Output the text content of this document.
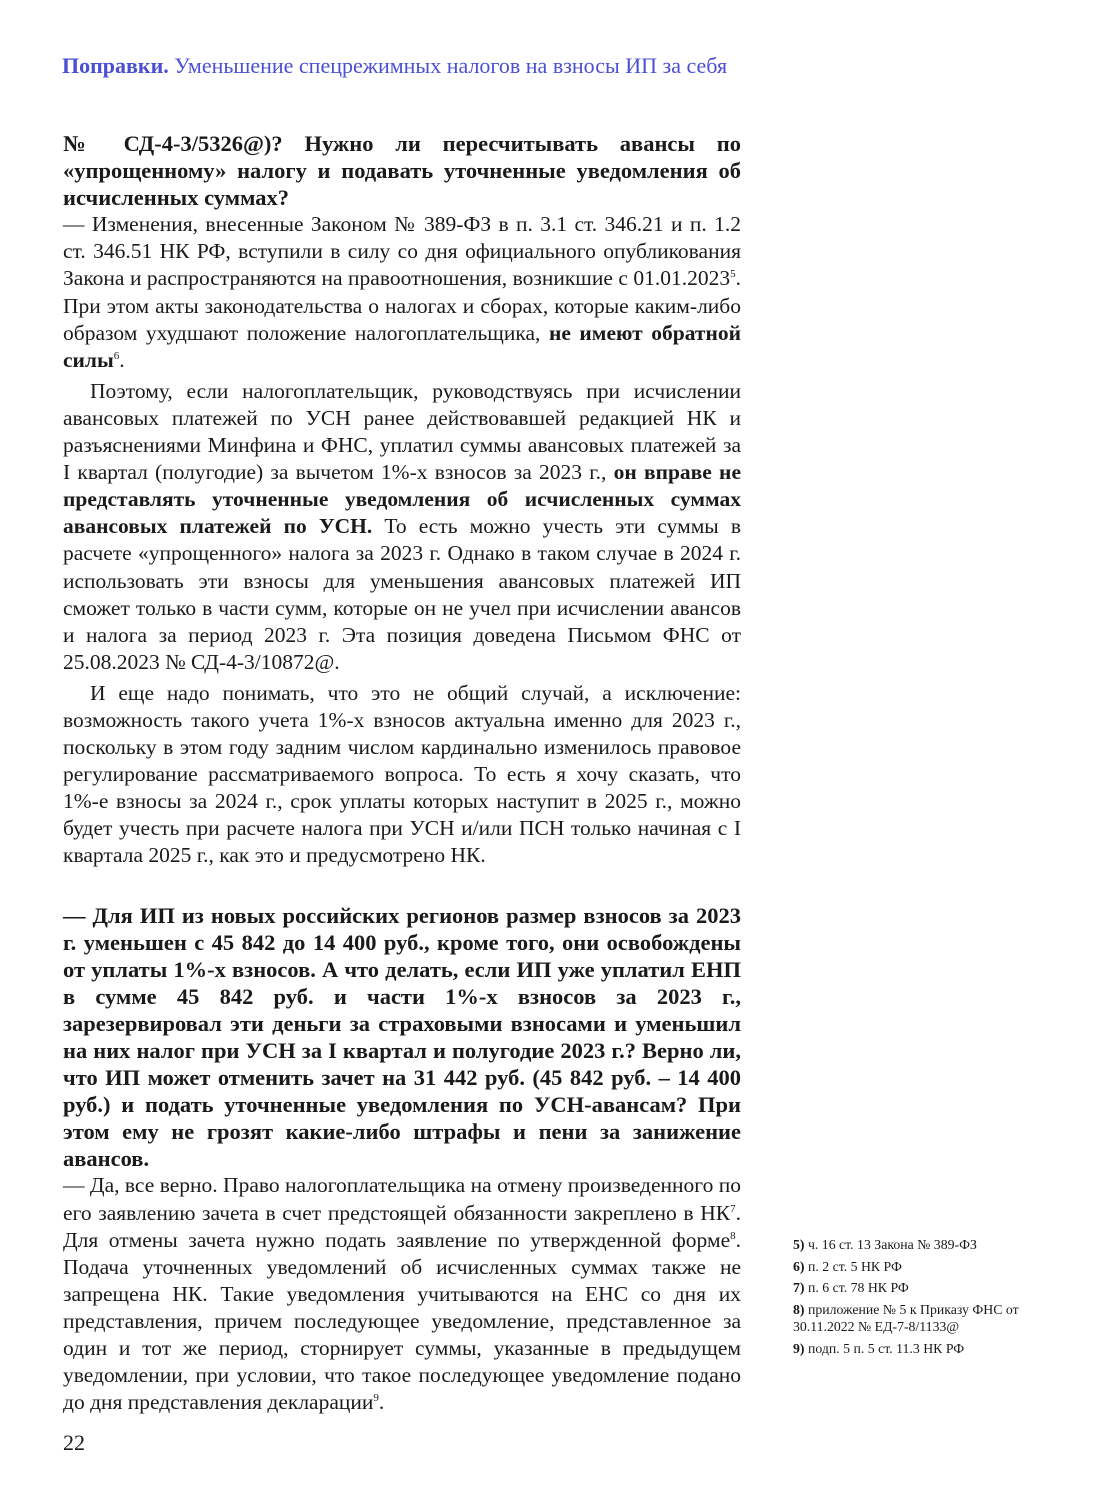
Поправки. Уменьшение спецрежимных налогов на взносы ИП за себя

№ СД-4-3/5326@)? Нужно ли пересчитывать авансы по «упрощенному» налогу и подавать уточненные уведомления об исчисленных суммах?

— Изменения, внесенные Законом № 389-ФЗ в п. 3.1 ст. 346.21 и п. 1.2 ст. 346.51 НК РФ, вступили в силу со дня официального опубликования Закона и распространяются на правоотношения, возникшие с 01.01.2023$^5$. При этом акты законодательства о налогах и сборах, которые каким-либо образом ухудшают положение налогоплательщика, не имеют обратной силы$^6$.

Поэтому, если налогоплательщик, руководствуясь при исчислении авансовых платежей по УСН ранее действовавшей редакцией НК и разъяснениями Минфина и ФНС, уплатил суммы авансовых платежей за I квартал (полугодие) за вычетом 1%-х взносов за 2023 г., он вправе не представлять уточненные уведомления об исчисленных суммах авансовых платежей по УСН. То есть можно учесть эти суммы в расчете «упрощенного» налога за 2023 г. Однако в таком случае в 2024 г. использовать эти взносы для уменьшения авансовых платежей ИП сможет только в части сумм, которые он не учел при исчислении авансов и налога за период 2023 г. Эта позиция доведена Письмом ФНС от 25.08.2023 № СД-4-3/10872@.

И еще надо понимать, что это не общий случай, а исключение: возможность такого учета 1%-х взносов актуальна именно для 2023 г., поскольку в этом году задним числом кардинально изменилось правовое регулирование рассматриваемого вопроса. То есть я хочу сказать, что 1%-е взносы за 2024 г., срок уплаты которых наступит в 2025 г., можно будет учесть при расчете налога при УСН и/или ПСН только начиная с I квартала 2025 г., как это и предусмотрено НК.

— Для ИП из новых российских регионов размер взносов за 2023 г. уменьшен с 45 842 до 14 400 руб., кроме того, они освобождены от уплаты 1%-х взносов. А что делать, если ИП уже уплатил ЕНП в сумме 45 842 руб. и части 1%-х взносов за 2023 г., зарезервировал эти деньги за страховыми взносами и уменьшил на них налог при УСН за I квартал и полугодие 2023 г.? Верно ли, что ИП может отменить зачет на 31 442 руб. (45 842 руб. – 14 400 руб.) и подать уточненные уведомления по УСН-авансам? При этом ему не грозят какие-либо штрафы и пени за занижение авансов.

— Да, все верно. Право налогоплательщика на отмену произведенного по его заявлению зачета в счет предстоящей обязанности закреплено в $НК^7$. Для отмены зачета нужно подать заявление по утвержденной форме$^8$. Подача уточненных уведомлений об исчисленных суммах также не запрещена НК. Такие уведомления учитываются на ЕНС со дня их представления, причем последующее уведомление, представленное за один и тот же период, сторнирует суммы, указанные в предыдущем уведомлении, при условии, что такое последующее уведомление подано до дня представления декларации$^9$.

5) ч. 16 ст. 13 Закона № 389-ФЗ
6) п. 2 ст. 5 НК РФ
7) п. 6 ст. 78 НК РФ
8) приложение № 5 к Приказу ФНС от 30.11.2022 № ЕД-7-8/1133@
9) подп. 5 п. 5 ст. 11.3 НК РФ
22
